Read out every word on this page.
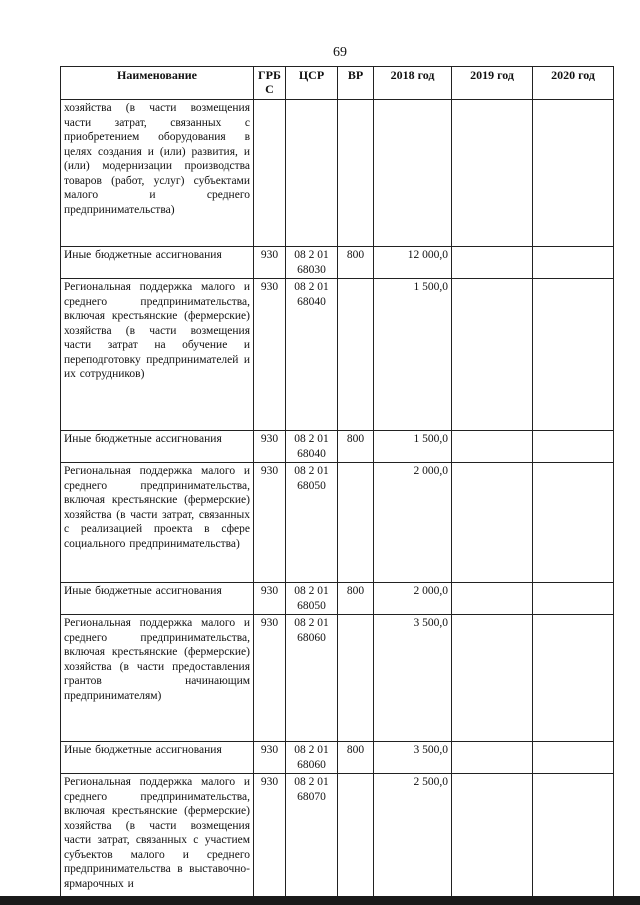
69
Наименование	ГРБ С	ЦСР	ВР	2018 год	2019 год	2020 год
хозяйства (в части возмещения части затрат, связанных с приобретением оборудования в целях создания и (или) развития, и (или) модернизации производства товаров (работ, услуг) субъектами малого и среднего предпринимательства)						
Иные бюджетные ассигнования	930	08 2 01 68030	800	12 000,0		
Региональная поддержка малого и среднего предпринимательства, включая крестьянские (фермерские) хозяйства (в части возмещения части затрат на обучение и переподготовку предпринимателей и их сотрудников)	930	08 2 01 68040		1 500,0		
Иные бюджетные ассигнования	930	08 2 01 68040	800	1 500,0		
Региональная поддержка малого и среднего предпринимательства, включая крестьянские (фермерские) хозяйства (в части затрат, связанных с реализацией проекта в сфере социального предпринимательства)	930	08 2 01 68050		2 000,0		
Иные бюджетные ассигнования	930	08 2 01 68050	800	2 000,0		
Региональная поддержка малого и среднего предпринимательства, включая крестьянские (фермерские) хозяйства (в части предоставления грантов начинающим предпринимателям)	930	08 2 01 68060		3 500,0		
Иные бюджетные ассигнования	930	08 2 01 68060	800	3 500,0		
Региональная поддержка малого и среднего предпринимательства, включая крестьянские (фермерские) хозяйства (в части возмещения части затрат, связанных с участием субъектов малого и среднего предпринимательства в выставочно-ярмарочных и	930	08 2 01 68070		2 500,0		
